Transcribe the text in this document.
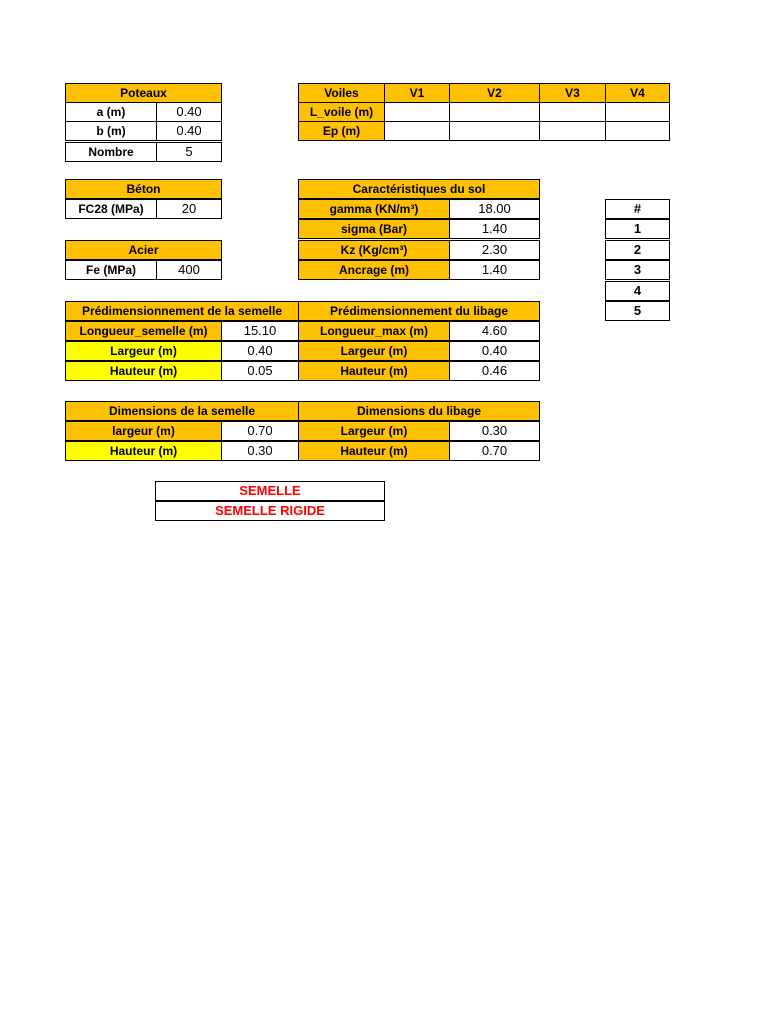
Poteaux
a (m)	0.40
b (m)	0.40
Nombre	5
Voiles	V1	V2	V3	V4
L_voile (m)
Ep (m)
Béton
FC28 (MPa)	20
Acier
Fe (MPa)	400
Caractéristiques du sol
gamma (KN/m³)	18.00
sigma (Bar)	1.40
Kz (Kg/cm³)	2.30
Ancrage (m)	1.40
#
1
2
3
4
5
Prédimensionnement de la semelle
Longueur_semelle (m)	15.10
Largeur (m)	0.40
Hauteur (m)	0.05
Prédimensionnement du libage
Longueur_max (m)	4.60
Largeur (m)	0.40
Hauteur (m)	0.46
Dimensions de la semelle
largeur (m)	0.70
Hauteur (m)	0.30
Dimensions du libage
Largeur (m)	0.30
Hauteur (m)	0.70
SEMELLE
SEMELLE RIGIDE
